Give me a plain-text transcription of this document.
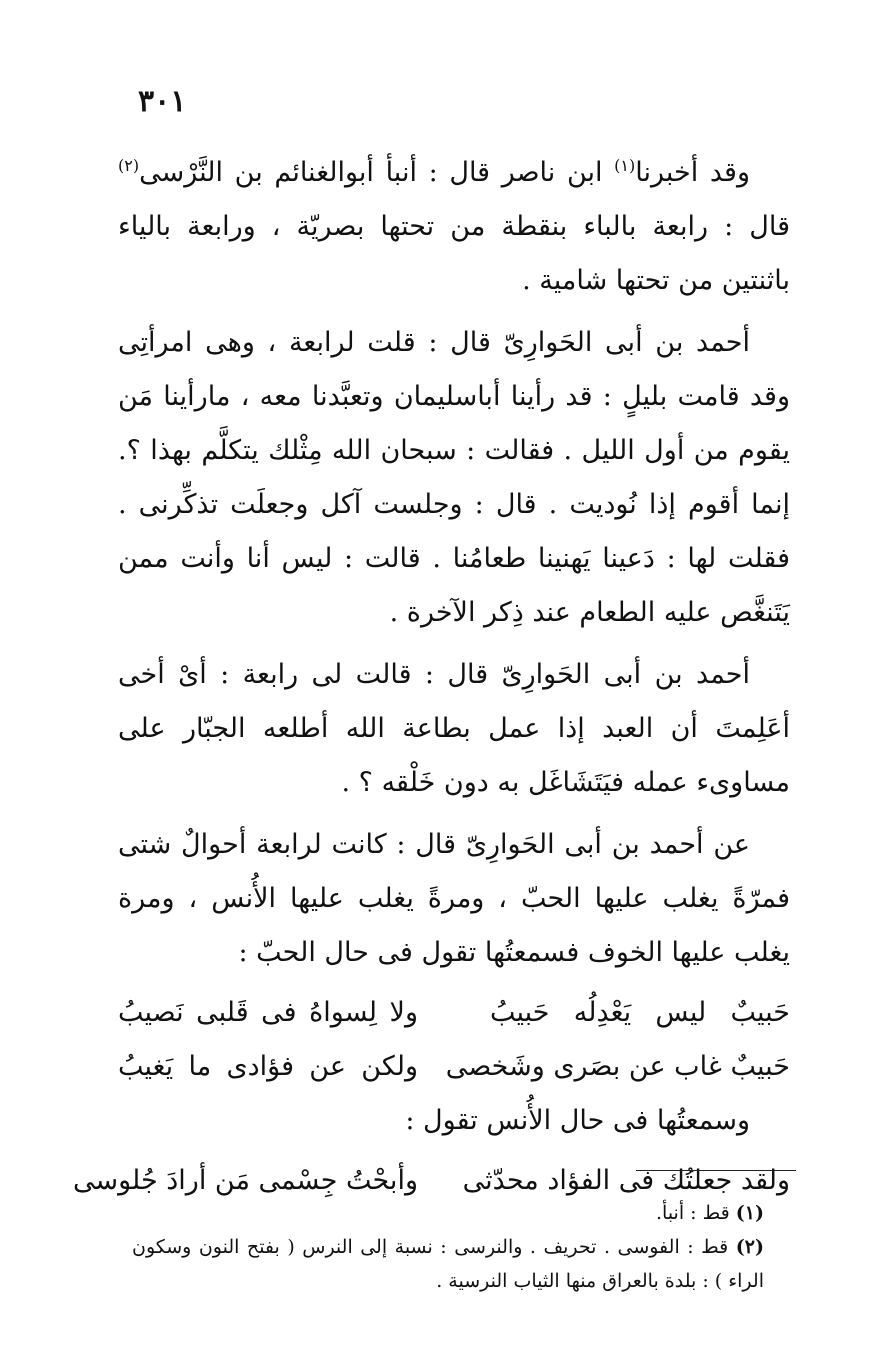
٣٠١

وقد أخبرنا$^{(١)}$ ابن ناصر قال : أنبأ أبوالغنائم بن النَّرْسى$^{(٢)}$ قال : رابعة بالباء بنقطة من تحتها بصريّة ، ورابعة بالياء باثنتين من تحتها شامية .

أحمد بن أبى الحَوارِىّ قال : قلت لرابعة ، وهى امرأتِى وقد قامت بليلٍ : قد رأينا أباسليمان وتعبَّدنا معه ، مارأينا مَن يقوم من أول الليل . فقالت : سبحان الله مِثْلك يتكلَّم بهذا ؟. إنما أقوم إذا نُوديت . قال : وجلست آكل وجعلَت تذكِّرنى . فقلت لها : دَعينا يَهنينا طعامُنا . قالت : ليس أنا وأنت ممن يَتَنغَّص عليه الطعام عند ذِكر الآخرة .

أحمد بن أبى الحَوارِىّ قال : قالت لى رابعة : أىْ أخى أعَلِمتَ أن العبد إذا عمل بطاعة الله أطلعه الجبّار على مساوىء عمله فيَتَشَاغَل به دون خَلْقه ؟ .

عن أحمد بن أبى الحَوارِىّ قال : كانت لرابعة أحوالٌ شتى فمرّةً يغلب عليها الحبّ ، ومرةً يغلب عليها الأُنس ، ومرة يغلب عليها الخوف فسمعتُها تقول فى حال الحبّ :

حَبيبٌ ليس يَعْدِلُه حَبيبُ
ولا لِسواهُ فى قَلبى نَصيبُ
حَبيبٌ غاب عن بصَرى وشَخصى
ولكن عن فؤادى ما يَغيبُ

وسمعتُها فى حال الأُنس تقول :

ولقد جعلتُك فى الفؤاد محدّثى
وأبحْتُ جِسْمى مَن أرادَ جُلوسى

(١) قط : أنبأ.

(٢) قط : الفوسى . تحريف . والنرسى : نسبة إلى النرس ( بفتح النون وسكون الراء ) : بلدة بالعراق منها الثياب النرسية .
